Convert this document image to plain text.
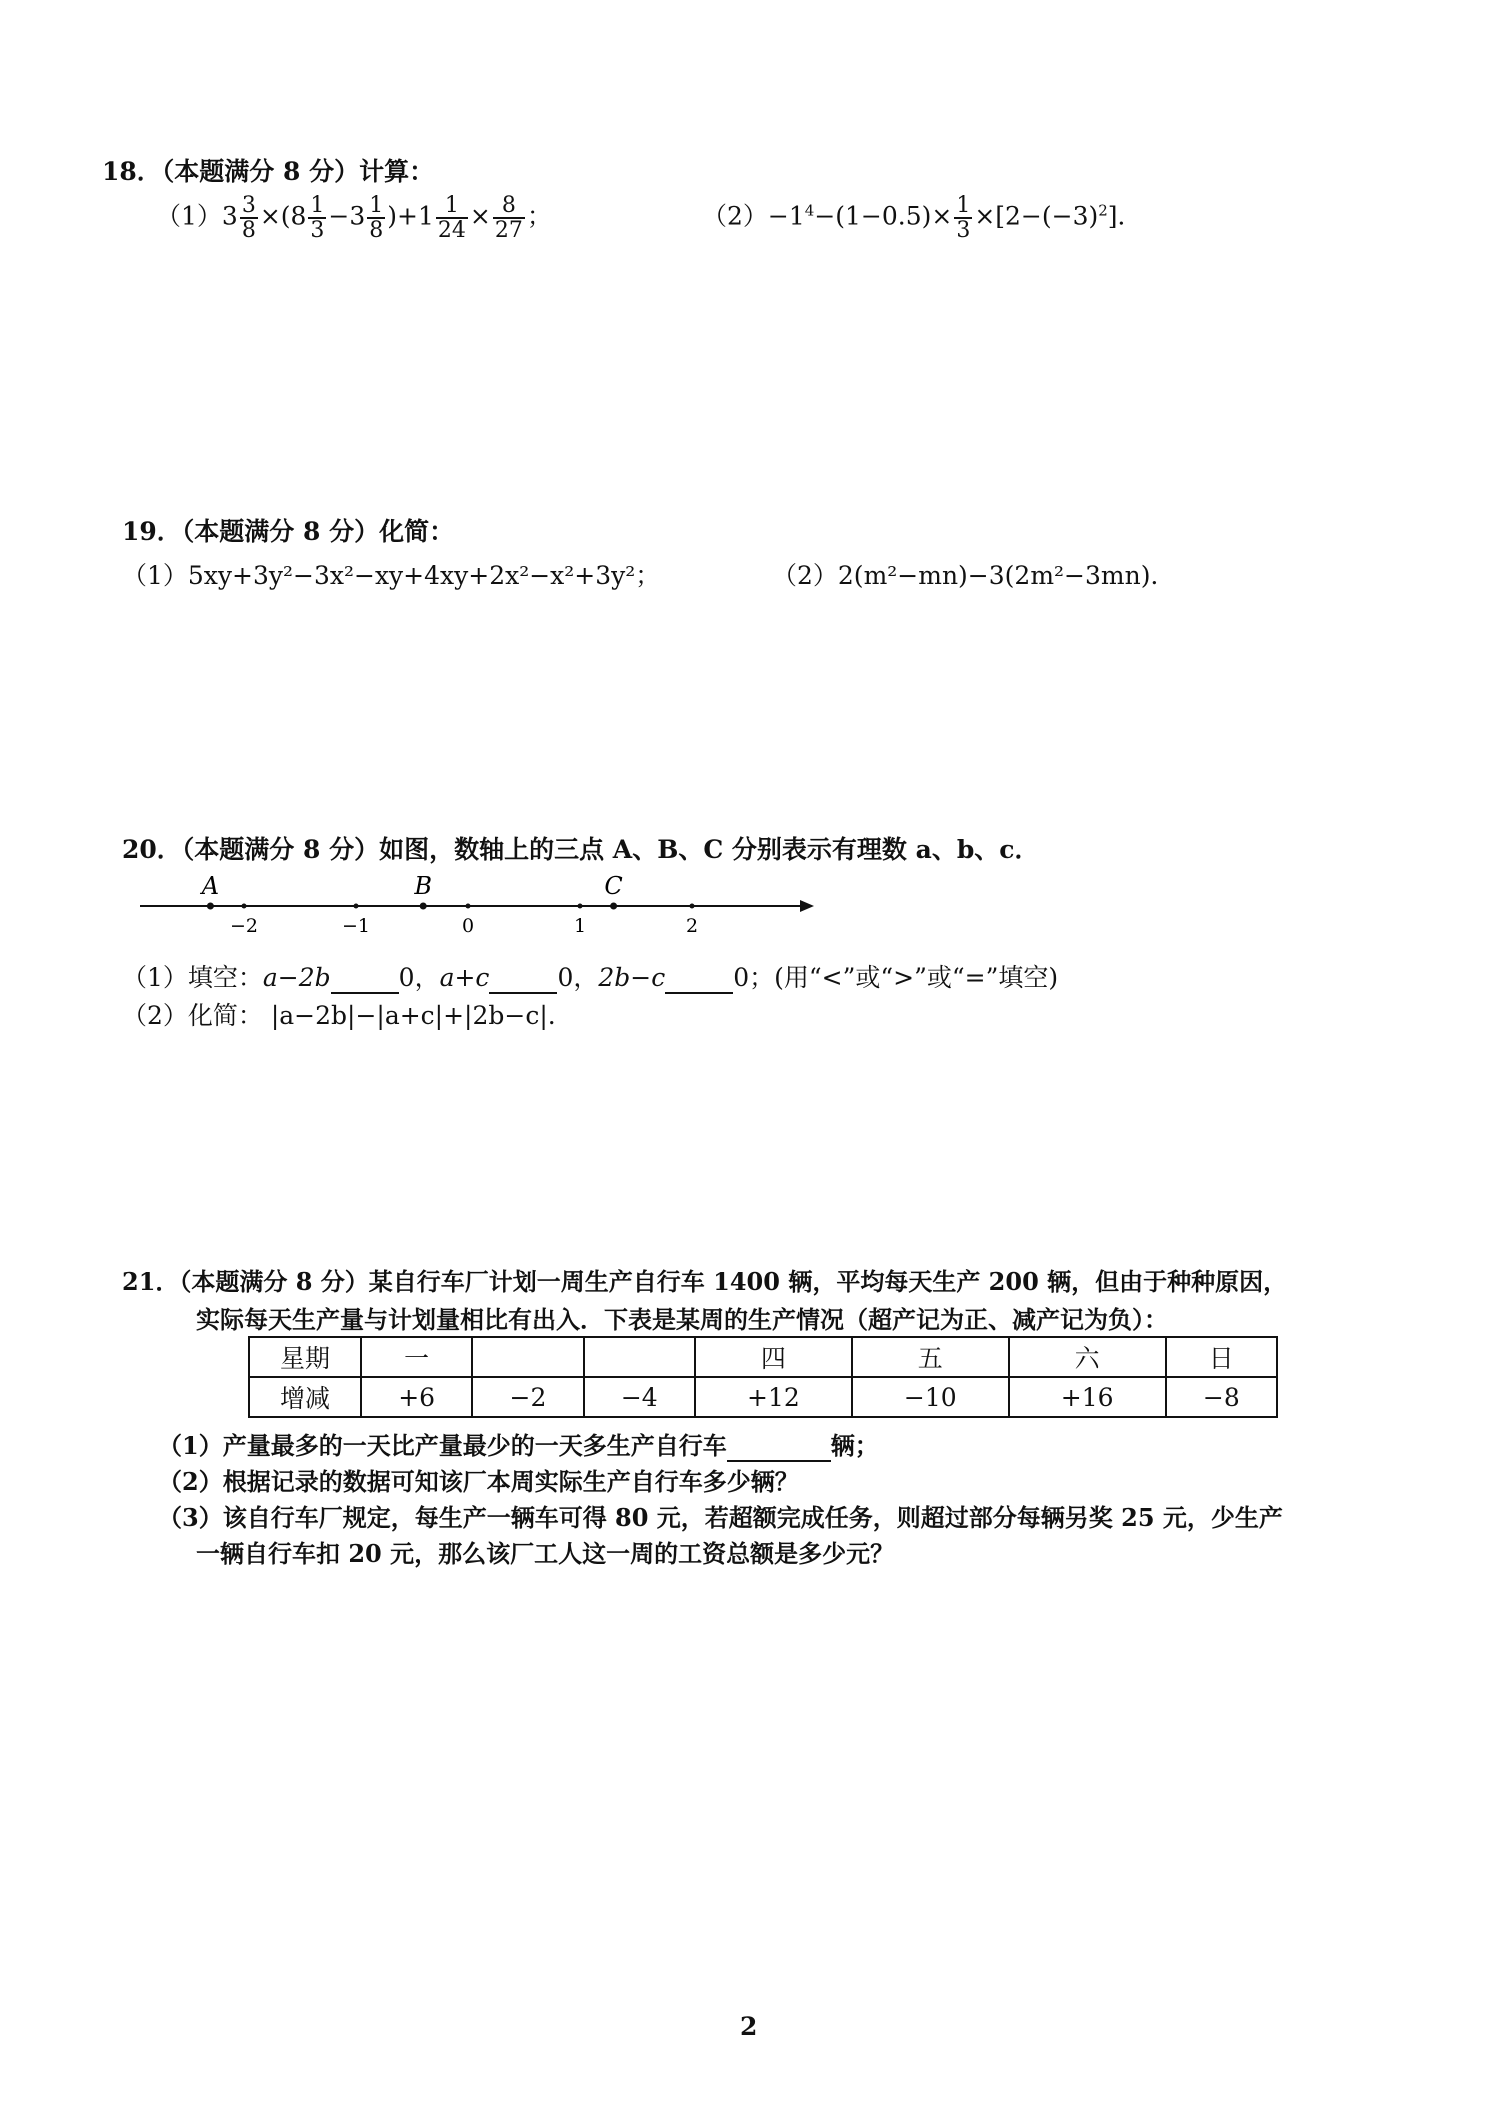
18．（本题满分 8 分）计算：
$(1)3 \frac{3}{8} \times(8 \frac{1}{3} -3 \frac{1}{8} )+1 \frac{1}{24} \times \frac{8}{27}$ ；	$(2)-1^4-(1-0.5)\times \frac{1}{3} \times[2-(-3)^2]$．
19．（本题满分 8 分）化简：
（1）5xy+3y²−3x²−xy+4xy+2x²−x²+3y²；	（2）2(m²−mn)−3(2m²−3mn)．
20．（本题满分 8 分）如图，数轴上的三点 A、B、C 分别表示有理数 a、b、c．
−2	−1	0	1	2
A	B	C
（1）填空：a−2b	0，a+c	0，2b−c	0；(用“<”或“>”或“=”填空)
（2）化简： |a−2b|−|a+c|+|2b−c|.
21．（本题满分 8 分）某自行车厂计划一周生产自行车 1400 辆，平均每天生产 200 辆，但由于种种原因，
实际每天生产量与计划量相比有出入．下表是某周的生产情况（超产记为正、减产记为负）：
星期	一			四	五	六	日
增减	+6	−2	−4	+12	−10	+16	−8
（1）产量最多的一天比产量最少的一天多生产自行车	辆；
（2）根据记录的数据可知该厂本周实际生产自行车多少辆？
（3）该自行车厂规定，每生产一辆车可得 80 元，若超额完成任务，则超过部分每辆另奖 25 元，少生产
一辆自行车扣 20 元，那么该厂工人这一周的工资总额是多少元？
2
